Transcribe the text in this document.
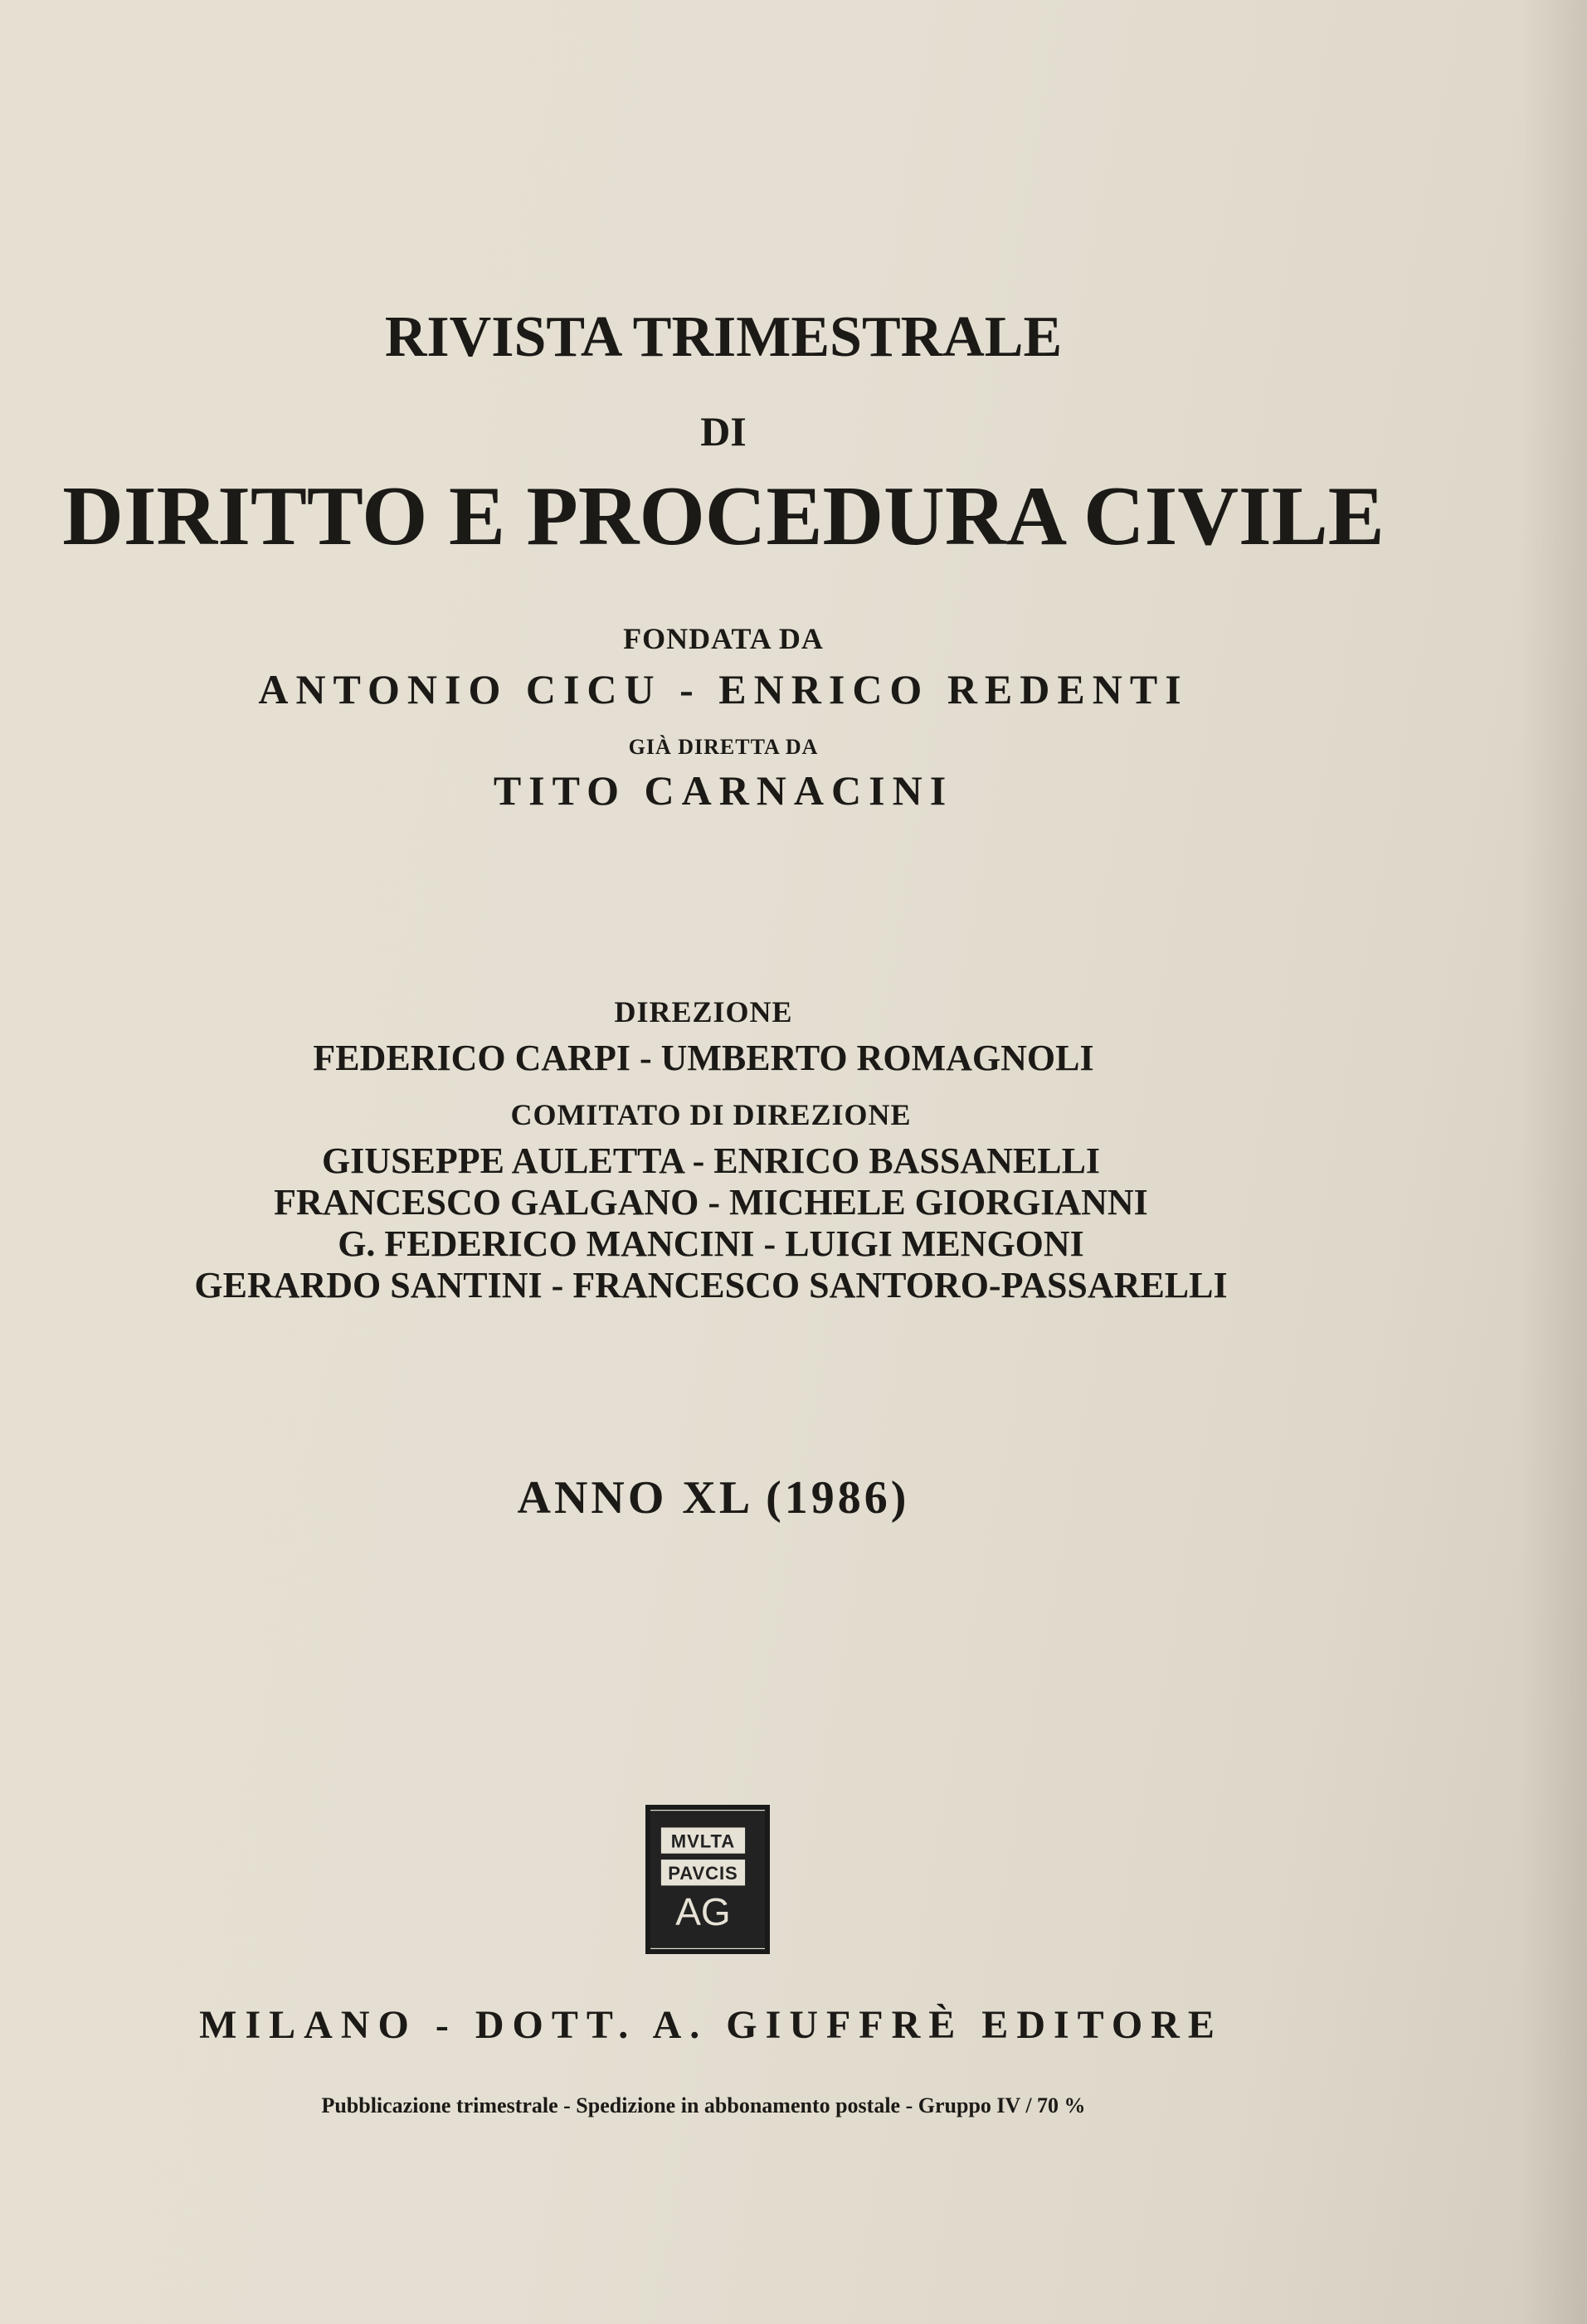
RIVISTA TRIMESTRALE

DI

DIRITTO E PROCEDURA CIVILE

FONDATA DA

ANTONIO CICU - ENRICO REDENTI

GIÀ DIRETTA DA

TITO CARNACINI

DIREZIONE

FEDERICO CARPI - UMBERTO ROMAGNOLI

COMITATO DI DIREZIONE

GIUSEPPE AULETTA - ENRICO BASSANELLI

FRANCESCO GALGANO - MICHELE GIORGIANNI

G. FEDERICO MANCINI - LUIGI MENGONI

GERARDO SANTINI - FRANCESCO SANTORO-PASSARELLI

ANNO XL (1986)

MVLTA
PAVCIS
AG

MILANO - DOTT. A. GIUFFRÈ EDITORE

Pubblicazione trimestrale - Spedizione in abbonamento postale - Gruppo IV / 70 %
